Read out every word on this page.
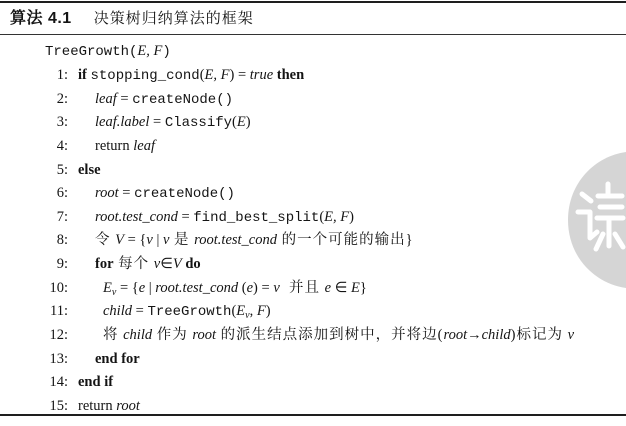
算法 4.1 决策树归纳算法的框架
TreeGrowth(E, F)
1: if stopping_cond(E, F) = true then
2: leaf = createNode()
3: leaf.label = Classify(E)
4: return leaf
5: else
6: root = createNode()
7: root.test_cond = find_best_split(E, F)
8: 令 V = {v | v 是 root.test_cond 的一个可能的输出}
9: for 每个 v∈V do
10: $E_v = \{e$ | root.test_cond (e) = v  并且 e ∈ E}
11: child = $TreeGrowth(E_v$, F)
12: 将 child 作为 root 的派生结点添加到树中，并将边(root→child)标记为 v
13: end for
14: end if
15: return root
